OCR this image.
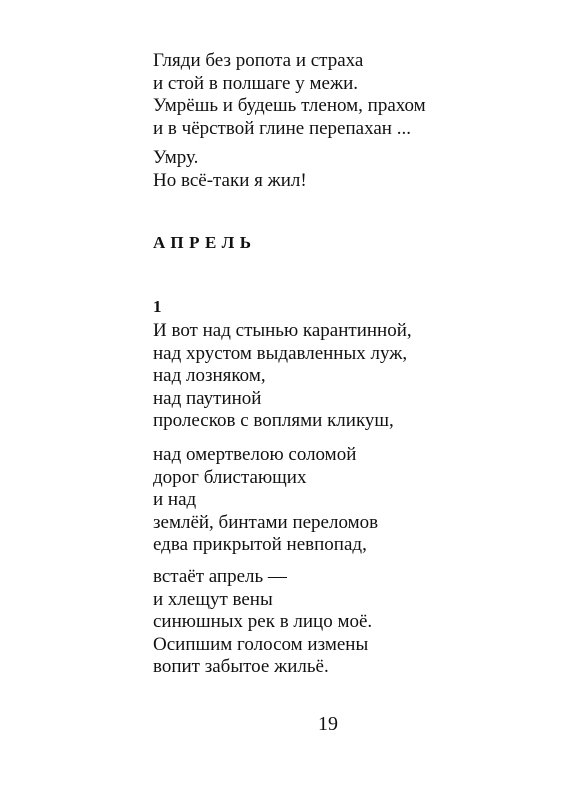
Гляди без ропота и страха
и стой в полшаге у межи.
Умрёшь и будешь тленом, прахом
и в чёрствой глине перепахан ...
Умру.
Но всё-таки я жил!
АПРЕЛЬ
1
И вот над стынью карантинной,
над хрустом выдавленных луж,
над лозняком,
над паутиной
пролесков с воплями кликуш,
над омертвелою соломой
дорог блистающих
и над
землёй, бинтами переломов
едва прикрытой невпопад,
встаёт апрель —
и хлещут вены
синюшных рек в лицо моё.
Осипшим голосом измены
вопит забытое жильё.
19
